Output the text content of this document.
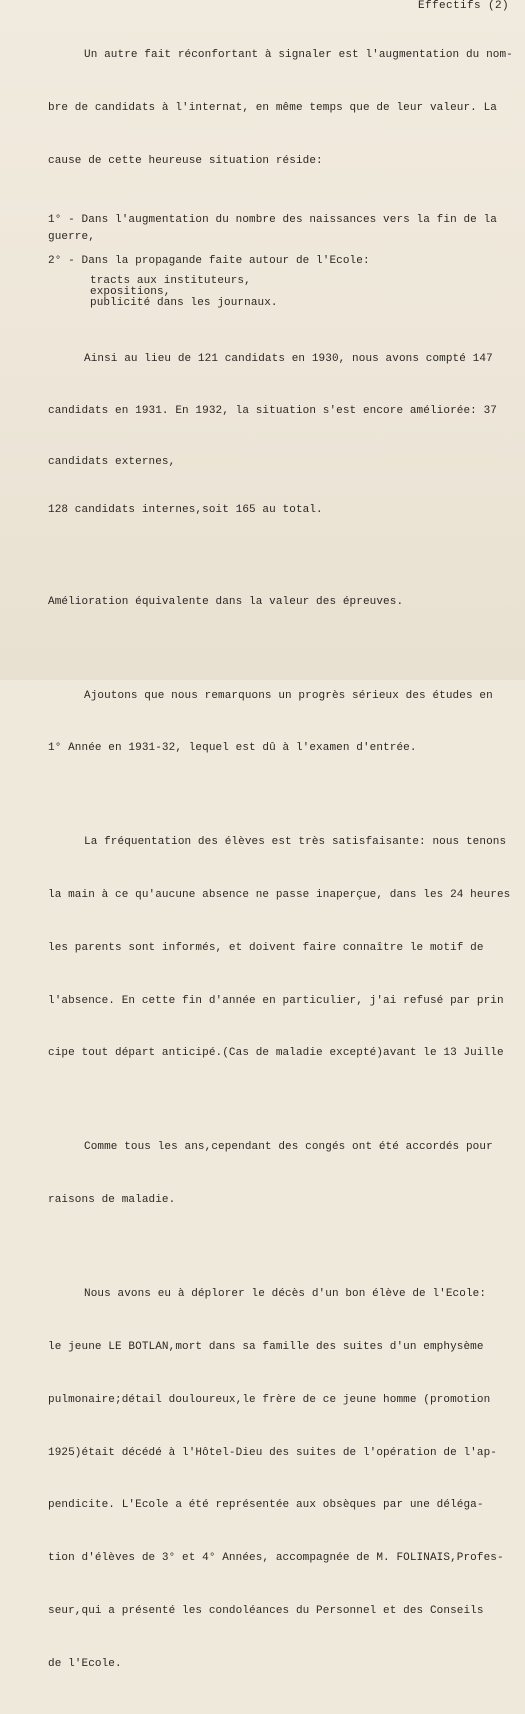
Effectifs (2)

Un autre fait réconfortant à signaler est l'augmentation du nom-

bre de candidats à l'internat, en même temps que de leur valeur. La

cause de cette heureuse situation réside:

1° - Dans l'augmentation du nombre des naissances vers la fin de la
guerre,
2° - Dans la propagande faite autour de l'Ecole:
tracts aux instituteurs,
expositions,
publicité dans les journaux.

Ainsi au lieu de 121 candidats en 1930, nous avons compté 147

candidats en 1931. En 1932, la situation s'est encore améliorée: 37

candidats externes,

128 candidats internes,soit 165 au total.

Amélioration équivalente dans la valeur des épreuves.

Ajoutons que nous remarquons un progrès sérieux des études en

1° Année en 1931-32, lequel est dû à l'examen d'entrée.

La fréquentation des élèves est très satisfaisante: nous tenons

la main à ce qu'aucune absence ne passe inaperçue, dans les 24 heures

les parents sont informés, et doivent faire connaître le motif de

l'absence. En cette fin d'année en particulier, j'ai refusé par prin

cipe tout départ anticipé.(Cas de maladie excepté)avant le 13 Juille

Comme tous les ans,cependant des congés ont été accordés pour

raisons de maladie.

Nous avons eu à déplorer le décès d'un bon élève de l'Ecole:

le jeune LE BOTLAN,mort dans sa famille des suites d'un emphysème

pulmonaire;détail douloureux,le frère de ce jeune homme (promotion

1925)était décédé à l'Hôtel-Dieu des suites de l'opération de l'ap-

pendicite. L'Ecole a été représentée aux obsèques par une déléga-

tion d'élèves de 3° et 4° Années, accompagnée de M. FOLINAIS,Profes-

seur,qui a présenté les condoléances du Personnel et des Conseils

de l'Ecole.
